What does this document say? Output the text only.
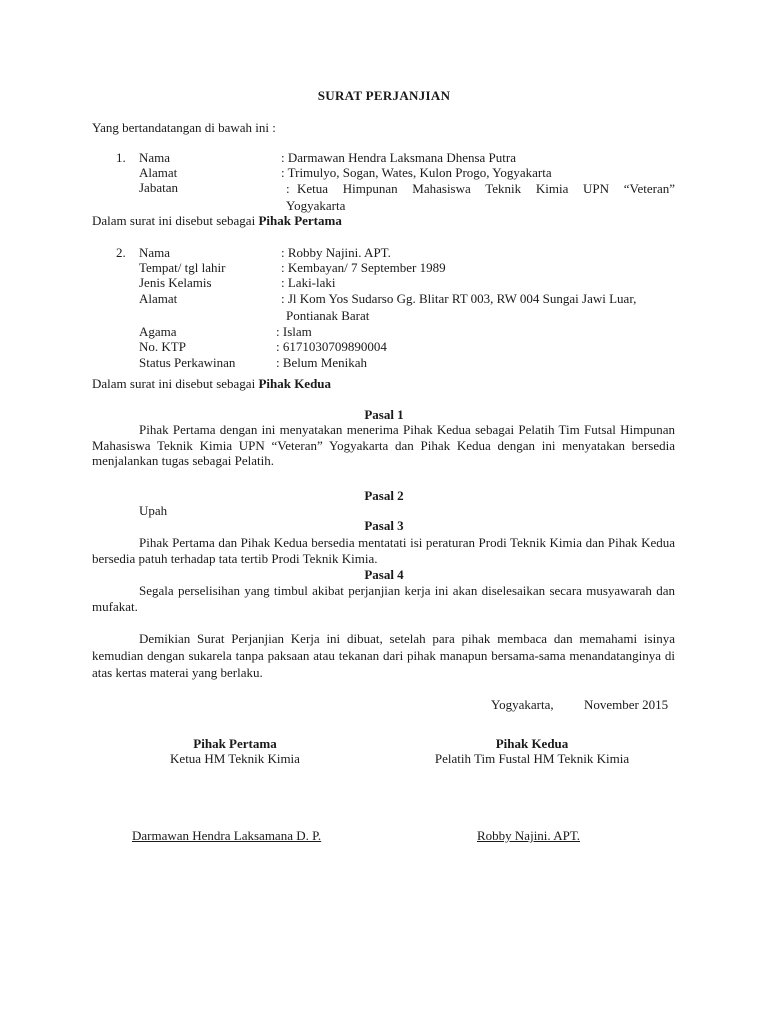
SURAT PERJANJIAN
Yang bertandatangan di bawah ini :
1.	Nama	: Darmawan Hendra Laksmana Dhensa Putra
Alamat	: Trimulyo, Sogan, Wates, Kulon Progo, Yogyakarta
Jabatan	: Ketua  Himpunan  Mahasiswa  Teknik  Kimia  UPN  “Veteran”
Yogyakarta
Dalam surat ini disebut sebagai Pihak Pertama
2.	Nama	: Robby Najini. APT.
Tempat/ tgl lahir	: Kembayan/ 7 September 1989
Jenis Kelamis	: Laki-laki
Alamat	: Jl Kom Yos Sudarso Gg. Blitar RT 003, RW 004 Sungai Jawi Luar,
Pontianak Barat
Agama	: Islam
No. KTP	: 6171030709890004
Status Perkawinan	: Belum Menikah
Dalam surat ini disebut sebagai Pihak Kedua
Pasal 1
Pihak Pertama dengan ini menyatakan menerima Pihak Kedua sebagai Pelatih Tim Futsal Himpunan Mahasiswa Teknik Kimia UPN “Veteran” Yogyakarta dan Pihak Kedua dengan ini menyatakan bersedia menjalankan tugas sebagai Pelatih.
Pasal 2
Upah
Pasal 3
Pihak Pertama dan Pihak Kedua bersedia mentatati isi peraturan Prodi Teknik Kimia dan Pihak Kedua bersedia patuh terhadap tata tertib Prodi Teknik Kimia.
Pasal 4
Segala perselisihan yang timbul akibat perjanjian kerja ini akan diselesaikan secara musyawarah dan mufakat.
Demikian Surat Perjanjian Kerja ini dibuat, setelah para pihak membaca dan memahami isinya kemudian dengan sukarela tanpa paksaan atau tekanan dari pihak manapun bersama-sama menandatanginya di atas kertas materai yang berlaku.
Yogyakarta, November 2015
Pihak Pertama
Ketua HM Teknik Kimia
Pihak Kedua
Pelatih Tim Fustal HM Teknik Kimia
Darmawan Hendra Laksamana D. P.	Robby Najini. APT.
